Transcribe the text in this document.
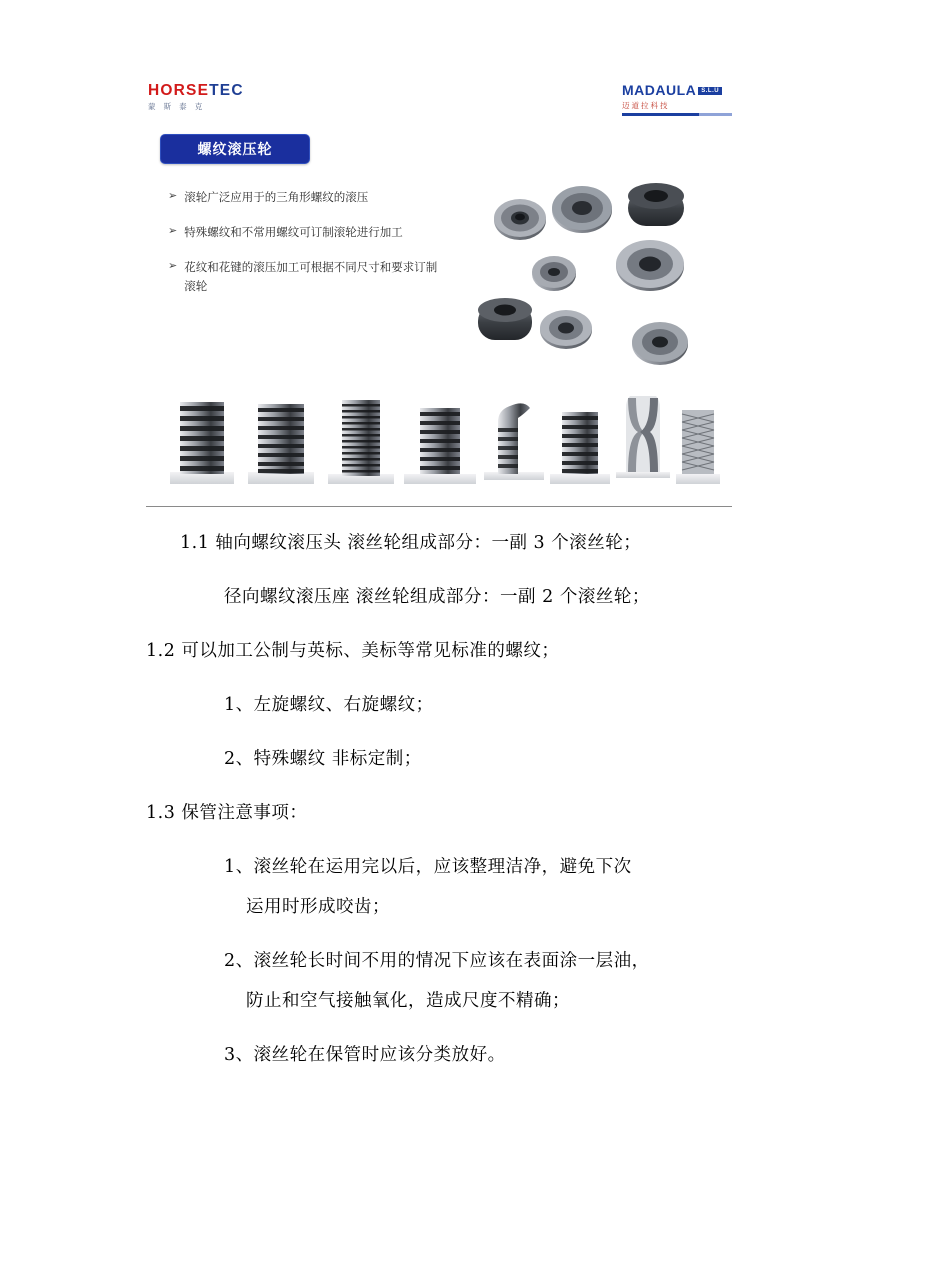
HORSETEC
蒙 斯 泰 克
MADAULA S.L.U
迈道拉科技
螺纹滚压轮
➢ 滚轮广泛应用于的三角形螺纹的滚压
➢ 特殊螺纹和不常用螺纹可订制滚轮进行加工
➢ 花纹和花键的滚压加工可根据不同尺寸和要求订制滚轮
1.1 轴向螺纹滚压头 滚丝轮组成部分：一副 3 个滚丝轮；
径向螺纹滚压座 滚丝轮组成部分：一副 2 个滚丝轮；
1.2 可以加工公制与英标、美标等常见标准的螺纹；
1、左旋螺纹、右旋螺纹；
2、特殊螺纹 非标定制；
1.3 保管注意事项：
1、滚丝轮在运用完以后，应该整理洁净，避免下次
运用时形成咬齿；
2、滚丝轮长时间不用的情况下应该在表面涂一层油，
防止和空气接触氧化，造成尺度不精确；
3、滚丝轮在保管时应该分类放好。
